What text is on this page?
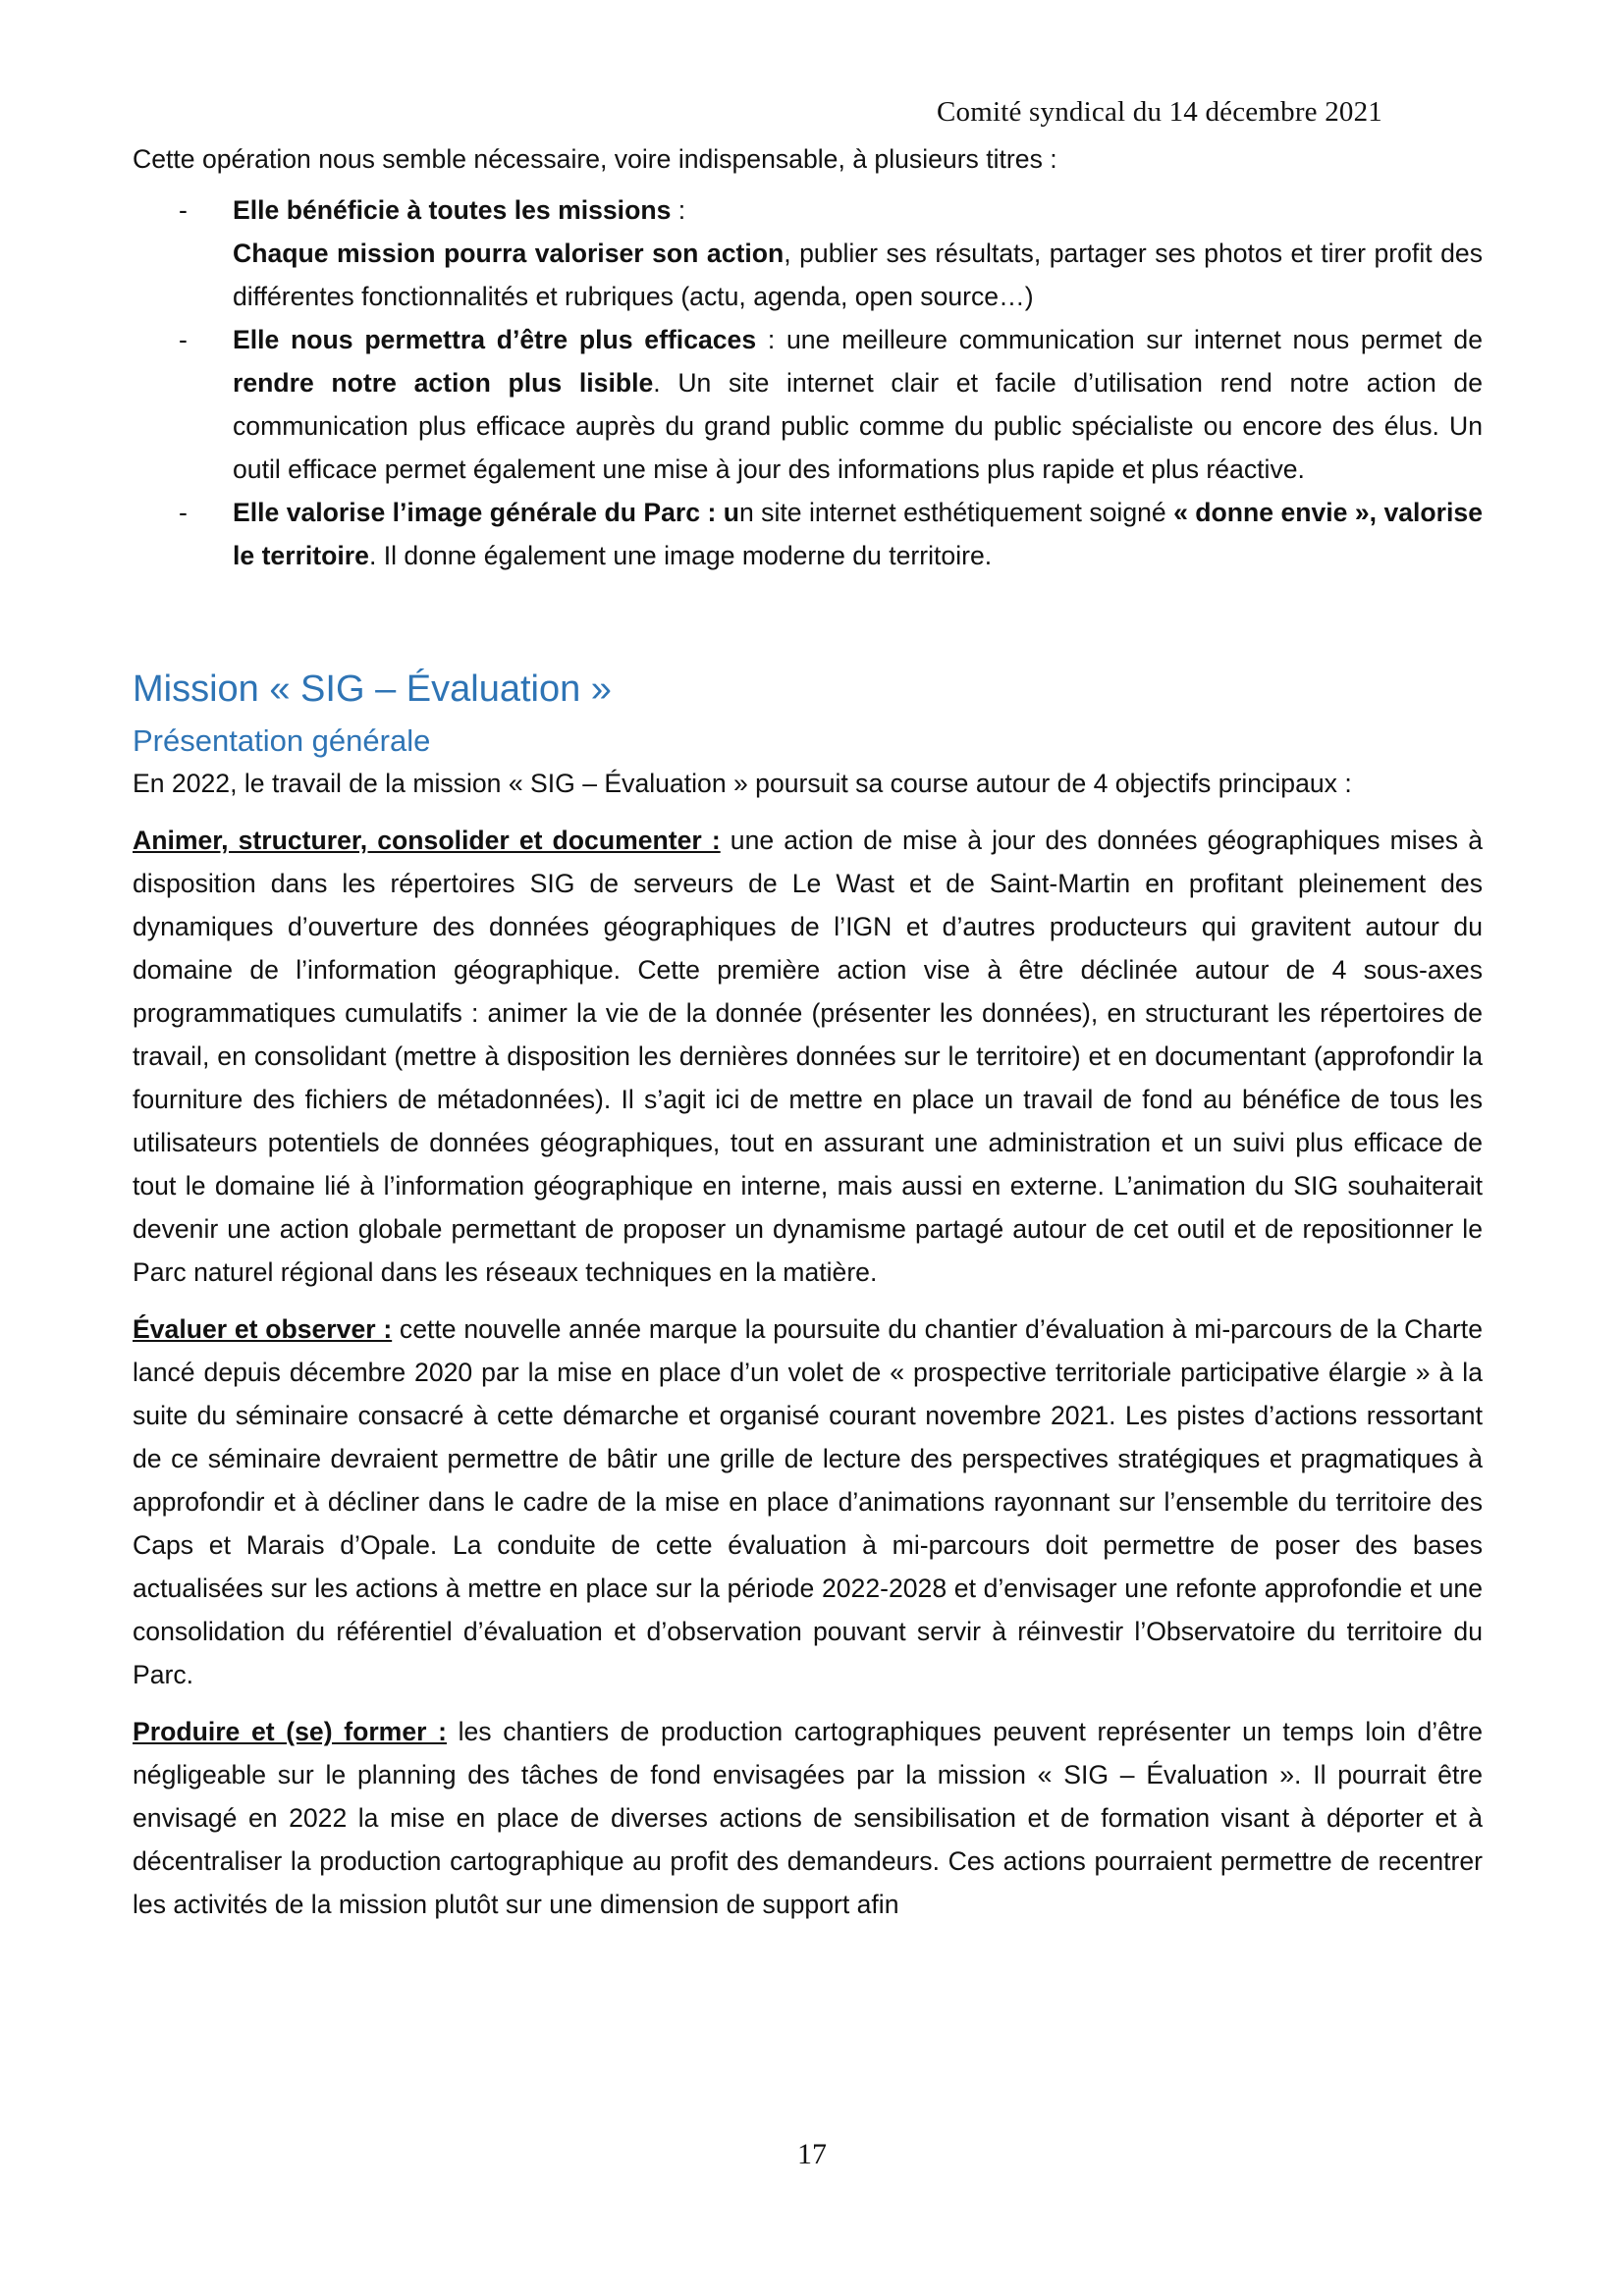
Comité syndical du 14 décembre 2021

Cette opération nous semble nécessaire, voire indispensable, à plusieurs titres :

- Elle bénéficie à toutes les missions :
Chaque mission pourra valoriser son action, publier ses résultats, partager ses photos et tirer profit des différentes fonctionnalités et rubriques (actu, agenda, open source…)
- Elle nous permettra d’être plus efficaces : une meilleure communication sur internet nous permet de rendre notre action plus lisible. Un site internet clair et facile d’utilisation rend notre action de communication plus efficace auprès du grand public comme du public spécialiste ou encore des élus. Un outil efficace permet également une mise à jour des informations plus rapide et plus réactive.
- Elle valorise l’image générale du Parc : un site internet esthétiquement soigné « donne envie », valorise le territoire. Il donne également une image moderne du territoire.
Mission « SIG – Évaluation »
Présentation générale

En 2022, le travail de la mission « SIG – Évaluation » poursuit sa course autour de 4 objectifs principaux :

Animer, structurer, consolider et documenter : une action de mise à jour des données géographiques mises à disposition dans les répertoires SIG de serveurs de Le Wast et de Saint-Martin en profitant pleinement des dynamiques d’ouverture des données géographiques de l’IGN et d’autres producteurs qui gravitent autour du domaine de l’information géographique. Cette première action vise à être déclinée autour de 4 sous-axes programmatiques cumulatifs : animer la vie de la donnée (présenter les données), en structurant les répertoires de travail, en consolidant (mettre à disposition les dernières données sur le territoire) et en documentant (approfondir la fourniture des fichiers de métadonnées). Il s’agit ici de mettre en place un travail de fond au bénéfice de tous les utilisateurs potentiels de données géographiques, tout en assurant une administration et un suivi plus efficace de tout le domaine lié à l’information géographique en interne, mais aussi en externe. L’animation du SIG souhaiterait devenir une action globale permettant de proposer un dynamisme partagé autour de cet outil et de repositionner le Parc naturel régional dans les réseaux techniques en la matière.

Évaluer et observer : cette nouvelle année marque la poursuite du chantier d’évaluation à mi-parcours de la Charte lancé depuis décembre 2020 par la mise en place d’un volet de « prospective territoriale participative élargie » à la suite du séminaire consacré à cette démarche et organisé courant novembre 2021. Les pistes d’actions ressortant de ce séminaire devraient permettre de bâtir une grille de lecture des perspectives stratégiques et pragmatiques à approfondir et à décliner dans le cadre de la mise en place d’animations rayonnant sur l’ensemble du territoire des Caps et Marais d’Opale. La conduite de cette évaluation à mi-parcours doit permettre de poser des bases actualisées sur les actions à mettre en place sur la période 2022-2028 et d’envisager une refonte approfondie et une consolidation du référentiel d’évaluation et d’observation pouvant servir à réinvestir l’Observatoire du territoire du Parc.

Produire et (se) former : les chantiers de production cartographiques peuvent représenter un temps loin d’être négligeable sur le planning des tâches de fond envisagées par la mission « SIG – Évaluation ». Il pourrait être envisagé en 2022 la mise en place de diverses actions de sensibilisation et de formation visant à déporter et à décentraliser la production cartographique au profit des demandeurs. Ces actions pourraient permettre de recentrer les activités de la mission plutôt sur une dimension de support afin

17
